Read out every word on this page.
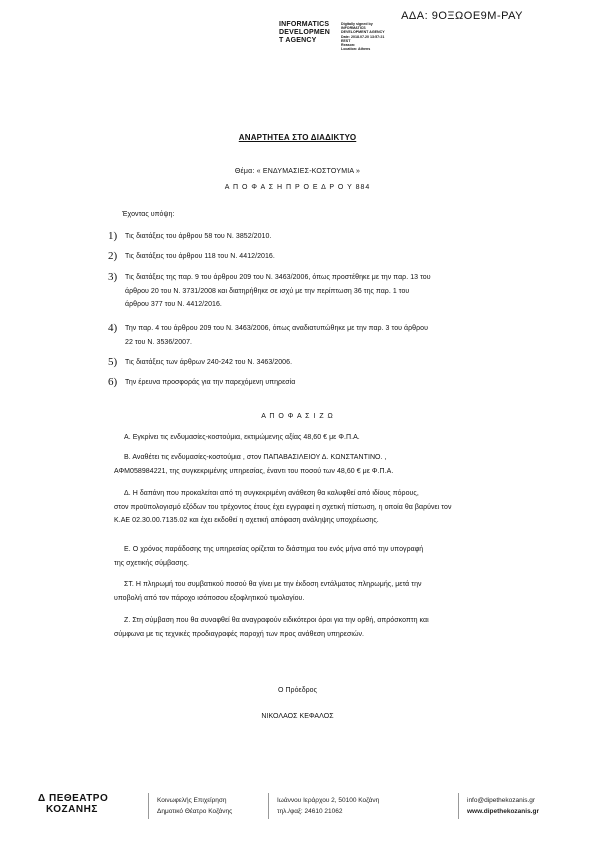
ΑΔΑ: 9ΟΞΩΟΕ9Μ-ΡΑΥ
INFORMATICS
DEVELOPMEN
T AGENCY
Digitally signed by
INFORMATICS
DEVELOPMENT AGENCY
Date: 2018.07.20 13:57:21
EEST
Reason:
Location: Athens
ΑΝΑΡΤΗΤΕΑ ΣΤΟ ΔΙΑΔΙΚΤΥΟ
Θέμα: « ΕΝΔΥΜΑΣΙΕΣ-ΚΟΣΤΟΥΜΙΑ »
Α Π Ο Φ Α Σ Η Π Ρ Ο Ε Δ Ρ Ο Υ 884
Έχοντας υπόψη:
1) Τις διατάξεις του άρθρου 58 του Ν. 3852/2010.
2) Τις διατάξεις του άρθρου 118 του Ν. 4412/2016.
3) Τις διατάξεις της παρ. 9 του άρθρου 209 του Ν. 3463/2006, όπως προστέθηκε με την παρ. 13 του
άρθρου 20 του Ν. 3731/2008 και διατηρήθηκε σε ισχύ με την περίπτωση 36 της παρ. 1 του
άρθρου 377 του Ν. 4412/2016.
4) Την παρ. 4 του άρθρου 209 του Ν. 3463/2006, όπως αναδιατυπώθηκε με την παρ. 3 του άρθρου
22 του Ν. 3536/2007.
5) Τις διατάξεις των άρθρων 240-242 του Ν. 3463/2006.
6) Την έρευνα προσφοράς για την παρεχόμενη υπηρεσία
Α Π Ο Φ Α Σ Ι Ζ Ω
Α. Εγκρίνει τις ενδυμασίες-κοστούμια, εκτιμώμενης αξίας 48,60 € με Φ.Π.Α.
Β. Αναθέτει τις ενδυμασίες-κοστούμια , στον ΠΑΠΑΒΑΣΙΛΕΙΟΥ Δ. ΚΩΝΣΤΑΝΤΙΝΟ. ,
ΑΦΜ058984221, της συγκεκριμένης υπηρεσίας, έναντι του ποσού των 48,60 € με Φ.Π.Α.
Δ. Η δαπάνη που προκαλείται από τη συγκεκριμένη ανάθεση θα καλυφθεί από ιδίους πόρους,
στον προϋπολογισμό εξόδων του τρέχοντος έτους έχει εγγραφεί η σχετική πίστωση, η οποία θα βαρύνει τον
Κ.ΑΕ 02.30.00.7135.02 και έχει εκδοθεί η σχετική απόφαση ανάληψης υποχρέωσης.
Ε. Ο χρόνος παράδοσης της υπηρεσίας ορίζεται το διάστημα του ενός μήνα από την υπογραφή
της σχετικής σύμβασης.
ΣΤ. Η πληρωμή του συμβατικού ποσού θα γίνει με την έκδοση εντάλματος πληρωμής, μετά την
υποβολή από τον πάροχο ισόποσου εξοφλητικού τιμολογίου.
Ζ. Στη σύμβαση που θα συναφθεί θα αναγραφούν ειδικότεροι όροι για την ορθή, απρόσκοπτη και
σύμφωνα με τις τεχνικές προδιαγραφές παροχή των προς ανάθεση υπηρεσιών.
Ο Πρόεδρος
ΝΙΚΟΛΑΟΣ ΚΕΦΑΛΟΣ
Δ ΠΕΘΕΑΤΡΟ
ΚΟΖΑΝΗΣ
Κοινωφελής Επιχείρηση
Δημοτικό Θέατρο Κοζάνης
Ιωάννου Ιεράρχου 2, 50100 Κοζάνη
τηλ./φαξ: 24610 21062
info@dipethekozanis.gr
www.dipethekozanis.gr
